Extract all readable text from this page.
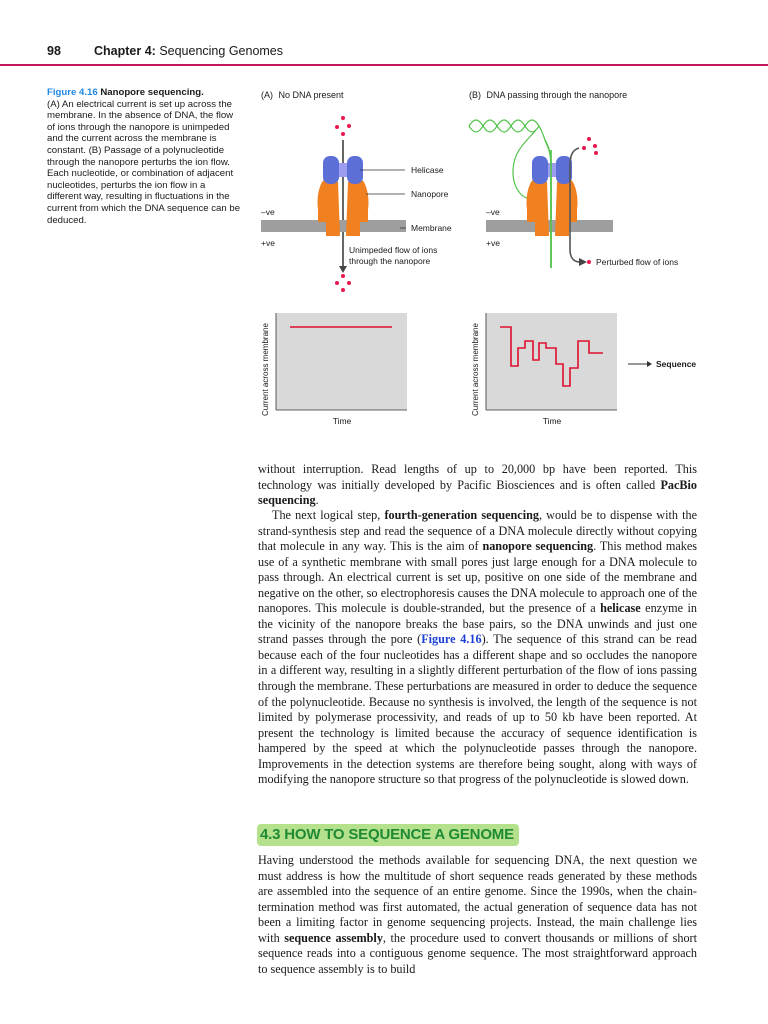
98	Chapter 4: Sequencing Genomes
Figure 4.16 Nanopore sequencing.
(A) An electrical current is set up across the membrane. In the absence of DNA, the flow of ions through the nanopore is unimpeded and the current across the membrane is constant. (B) Passage of a polynucleotide through the nanopore perturbs the ion flow. Each nucleotide, or combination of adjacent nucleotides, perturbs the ion flow in a different way, resulting in fluctuations in the current from which the DNA sequence can be deduced.
(A) No DNA present
Helicase
Nanopore
Membrane
–ve
+ve
Unimpeded flow of ions
through the nanopore
Current across membrane
Time
(B) DNA passing through the nanopore
–ve
+ve
Perturbed flow of ions
Current across membrane
Time
Sequence

without interruption. Read lengths of up to 20,000 bp have been reported. This technology was initially developed by Pacific Biosciences and is often called PacBio sequencing.

The next logical step, fourth-generation sequencing, would be to dispense with the strand-synthesis step and read the sequence of a DNA molecule directly without copying that molecule in any way. This is the aim of nanopore sequencing. This method makes use of a synthetic membrane with small pores just large enough for a DNA molecule to pass through. An electrical current is set up, positive on one side of the membrane and negative on the other, so electrophoresis causes the DNA molecule to approach one of the nanopores. This molecule is double-stranded, but the presence of a helicase enzyme in the vicinity of the nanopore breaks the base pairs, so the DNA unwinds and just one strand passes through the pore (Figure 4.16). The sequence of this strand can be read because each of the four nucleotides has a different shape and so occludes the nanopore in a different way, resulting in a slightly different perturbation of the flow of ions passing through the membrane. These perturbations are measured in order to deduce the sequence of the polynucleotide. Because no synthesis is involved, the length of the sequence is not limited by polymerase processivity, and reads of up to 50 kb have been reported. At present the technology is limited because the accuracy of sequence identification is hampered by the speed at which the polynucleotide passes through the nanopore. Improvements in the detection systems are therefore being sought, along with ways of modifying the nanopore structure so that progress of the polynucleotide is slowed down.

4.3 HOW TO SEQUENCE A GENOME

Having understood the methods available for sequencing DNA, the next question we must address is how the multitude of short sequence reads generated by these methods are assembled into the sequence of an entire genome. Since the 1990s, when the chain-termination method was first automated, the actual generation of sequence data has not been a limiting factor in genome sequencing projects. Instead, the main challenge lies with sequence assembly, the procedure used to convert thousands or millions of short sequence reads into a contiguous genome sequence. The most straightforward approach to sequence assembly is to build
